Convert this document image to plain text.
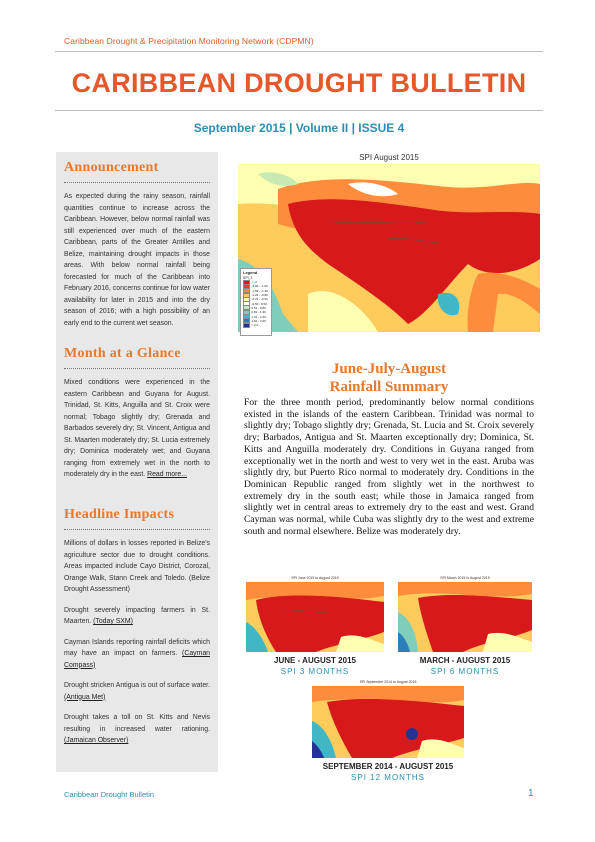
Caribbean Drought & Precipitation Monitoring Network (CDPMN)
CARIBBEAN DROUGHT BULLETIN
September 2015 | Volume II | ISSUE 4
Announcement
As expected during the rainy season, rainfall quantities continue to increase across the Caribbean. However, below normal rainfall was still experienced over much of the eastern Caribbean, parts of the Greater Antilles and Belize, maintaining drought impacts in those areas. With below normal rainfall being forecasted for much of the Caribbean into February 2016, concerns continue for low water availability for later in 2015 and into the dry season of 2016; with a high possibility of an early end to the current wet season.
Month at a Glance
Mixed conditions were experienced in the eastern Caribbean and Guyana for August. Trinidad, St. Kitts, Anguilla and St. Croix were normal; Tobago slightly dry; Grenada and Barbados severely dry; St. Vincent, Antigua and St. Maarten moderately dry; St. Lucia extremely dry; Dominica moderately wet; and Guyana ranging from extremely wet in the north to moderately dry in the east. Read more...
Headline Impacts
Millions of dollars in losses reported in Belize's agriculture sector due to drought conditions. Areas impacted include Cayo District, Corozal, Orange Walk, Stann Creek and Toledo. (Belize Drought Assessment)
Drought severely impacting farmers in St. Maarten. (Today SXM)
Cayman Islands reporting rainfall deficits which may have an impact on farmers. (Cayman Compass)
Drought stricken Antigua is out of surface water. (Antigua Met)
Drought takes a toll on St. Kitts and Nevis resulting in increased water rationing. (Jamaican Observer)
SPI August 2015
Legend
SPI_1
< -2
-2.00 - -1.60
-1.59 - -1.30
-1.29 - -0.80
-0.79 - -0.51
-0.50 - 0.50
0.51 - 0.80
0.81 - 1.30
1.31 - 1.60
1.61 - 2.00
> 2.0
June-July-August
Rainfall Summary
For the three month period, predominantly below normal conditions existed in the islands of the eastern Caribbean. Trinidad was normal to slightly dry; Tobago slightly dry; Grenada, St. Lucia and St. Croix severely dry; Barbados, Antigua and St. Maarten exceptionally dry; Dominica, St. Kitts and Anguilla moderately dry. Conditions in Guyana ranged from exceptionally wet in the north and west to very wet in the east. Aruba was slightly dry, but Puerto Rico normal to moderately dry. Conditions in the Dominican Republic ranged from slightly wet in the northwest to extremely dry in the south east; while those in Jamaica ranged from slightly wet in central areas to extremely dry to the east and west. Grand Cayman was normal, while Cuba was slightly dry to the west and extreme south and normal elsewhere. Belize was moderately dry.
SPI June 2015 to August 2015
JUNE - AUGUST 2015
SPI 3 MONTHS
SPI March 2015 to August 2015
MARCH - AUGUST 2015
SPI 6 MONTHS
SPI September 2014 to August 2015
SEPTEMBER 2014 - AUGUST 2015
SPI 12 MONTHS
Caribbean Drought Bulletin	1
